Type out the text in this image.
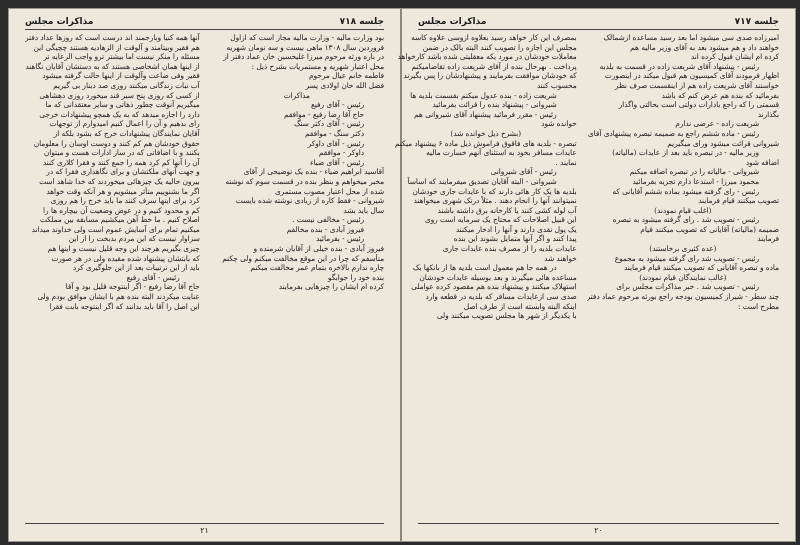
جلسه ۷۱۸
مذاکرات مجلس
بود وزارت مالیه - وزارت مالیه مجاز است که ازاول
فروردین سال ۱۳۰۸ ماهی بیست و سه تومان شهریه
در باره ورثه مرحوم میرزا غلیحسین خان عماد دفتر از
محل اعتبار شهریه و مستمریات بشرح ذیل :
فاطمه خانم عیال مرحوم
فضل الله خان اولادی پسر
مذاکرات
رئیس - آقای رفیع
حاج آقا رضا رفیع - موافقم
رئیس - آقای دکتر سنگ
دکتر سنگ - موافقم
رئیس - آقای داوکر
داوکر - موافقم
رئیس - آقای ضیاء
آقاسید ابراهیم ضیاء - بنده یک توضیحی از آقای
مخبر میخواهم و بنظر بنده در قسمت سوم که نوشته
شده از محل اعتبار مصوب مستمری
شیروانی - فقط کاره از زیادی نوشته شده بایست
سال باید بشد
رئیس - مخالفی نیست .
فیروز آبادی - بنده مخالفم
رئیس - بفرمائید
فیروز آبادی - بنده خیلی از آقایان شرمنده و
متأسفم که چرا در این موقع مخالفت میکنم ولی چکنم
چاره ندارم بالاخره بتمام عمر مخالفت میکنم
بنده خود را جوابگو
کرده ام ایشان را چیزهایی بفرمایند
آنها همه کنیا وبارجمند اند درست است که روزها عداد دفتر
هم فقیر وبیتامند و آلوقت از الزهادیه هستند چچیگی این
مسئله را منکر نیست اما بیشتر ترو واجب الرعایه تر
از اینها همان اشخاصی هستند که به دستشان آقایان نگاهند
فقیر وفی ضاعت وآلوقت از اینها حالت گرفته میشود
آب نبات زندگانی میکنند روزی صد دینار بی گیریم
از کسی که روزی پنج سیر قند میخورد روزی دهشاهی
میگیریم آنوقت چطور ذهاتی و سایر معتقدانی که ما
دارد را اجازه میدهد که به یک همچو پیشنهادات خرجی
رای بدهیم و آن را اعمال کنیم امیدوارم از توجهات
آقایان نمایندگان پیشنهادات خرج که بشود بلکه از
حقوق خودشان هم کم کنند و دوست اوسان را معلومان
بکنند و با اضافاتی که در ساز ادارات هست و میتوان
آن را آنها کم کرد همه را جمع کنند و فقرا کلاری کنند
و جهت آنهای ملکتشان و برای نگاهداری فقرا که در
بیرون حالیه یک چیزهائی میخوردند که خدا شاهد است
اگر ما بشنوییم متأثر میشویم و هر آنکه وقت خواهد
کرد برای اینها سرف کنند ما باید خرج را هم روزی
کم و محدود کنیم و در عوض وضعیت آن بیچاره ها را
اصلاح کنیم . ما خط آهن میکشیم مسابقه بین مملکت
میکنیم تمام برای آسایش عموم است ولی خداوند میداند
سزاوار نیست که این مردم بدبخت را از این
چیزی بگیریم هرچند این وجه قلیل نیست و اینها هم
که بابتشان پیشنهاد شده مقیده ولی در هر صورت
باید از این ترتیبات بعد از این جلوگیری کرد
رئیس - آقای رفیع
حاج آقا رضا رفیع - اگر اینتوجه قلیل بود و آقا
عنایت میکردند البته بنده هم با ایشان موافق بودم ولی
این اصل را آقا باید بدانند که اگر اینتوجه بابت فقرا
۲۱
جلسه ۷۱۷
مذاکرات مجلس
امیرزاده صدی سی میشود اما بعد رسید مساعده ازشمالک
خواهند داد و هم میشود بعد به آقای وزیر مالیه هم
کرده ام ایشان قبول کرده اند
رئیس - پیشنهاد آقای شریعت زاده در قسمت به بلدیه
اظهار فرمودند آقای کمیسیون هم قبول میکند در اینصورت
خواستند آقای شریعت زاده هم از اینقسمت صرف نظر
بفرمائید که بنده هم عرض کنم که باشد
قسمتی را که راجع بادارات دولتی است بحالتی واگذار
بگذارند
شریعت زاده - عرضی ندارم
رئیس - ماده ششم راجع به ضمیمه تبصره پیشنهادی آقای
شیروانی قرائت میشود ورای میگیریم
وزیر مالیه - در تبصره باید بعد از عایدات (مالیاته)
اضافه شود
شیروانی - مالیاته را در تبصره اضافه میکنم
محمود میرزا - استدعا دارم تجزیه بفرمائید
رئیس - رای گرفته میشود بماده ششم آقایانی که
تصویب میکنند قیام فرمایند
(اغلب قیام نمودند)
رئیس - تصویب شد . رای گرفته میشود به تبصره
ضمیمه (مالیاته) آقایانی که تصویب میکنند قیام
فرمایند
(عده کثیری برخاستند)
رئیس - تصویب شد رای گرفته میشود به مجموع
ماده و تبصره آقایانی که تصویب میکنند قیام فرمایند
(غالب نمایندگان قیام نمودند)
رئیس - تصویب شد . خبر مذاکرات مجلس برای
چند سطر - شیراز کمیسیون بودجه راجع بورثه مرحوم عماد دفتر
مطرح است :
بمصرف این کار خواهد رسید بعلاوه ازوسی علاوه کاسه
مجلس این اجازه را تصویب کنند البته بالک در ضمن
معاملات خودشان در مورد یکه معقلیتی شده باشد کارخواهد
پرداخت . بهرحال بنده از آقای شریعت زاده تقاضامیکنم
که خودشان موافقت بفرمایند و پیشنهادشان را پس بگیرند
محسوب کنند
شریعت زاده - بنده عدول میکنم بقسمت بلدیه ها
شیروانی - پیشنهاد بنده را قرائت بفرمائید
رئیس - مقرر فرمائید پیشنهاد آقای شیروانی هم
خوانده شود
(بشرح ذیل خوانده شد)
تبصره - بلدیه های فاقوق فراموش ذیل ماده ۶ پیشنهاد میکنم
عایدات مسافر بخود به استثنای آنهم خسارت مالیه
نمایند .
رئیس - آقای شیروانی
شیروانی - البته آقایان تصدیق میفرمایند که اساساً
بلدیه ها یک کار هائی دارند که با عایدات جاری خودشان
نمیتوانند آنها را انجام دهند . مثلاً درتک شهری میخواهند
آب لوله کشی کنند یا کارخانه برق داشته باشند
این قبیل اصلاحات که محتاج یک سرمایه است روی
یک پول نقدی دارند و آنها را ادخار میکنند
پیدا کنند و اگر آنها متمایل بشوند این بنده
عایدات بلدیه را از مصرف بنده عایدات جاری
خواهند شد
در همه جا هم معمول است بلدیه ها از بانکها یک
مساعده هائی میگیرند و بعد بوسیله عایدات خودشان
استهلاک میکنند و پیشنهاد بنده هم مقصود کرده عواملی
صدی سی ازعایدات مسافر که بلدیه در قطعه وارد
اینکه البته وابسته است از طرف اصل
با یکدیگر از شهر ها مجلس تصویب میکنند ولی
۲۰
